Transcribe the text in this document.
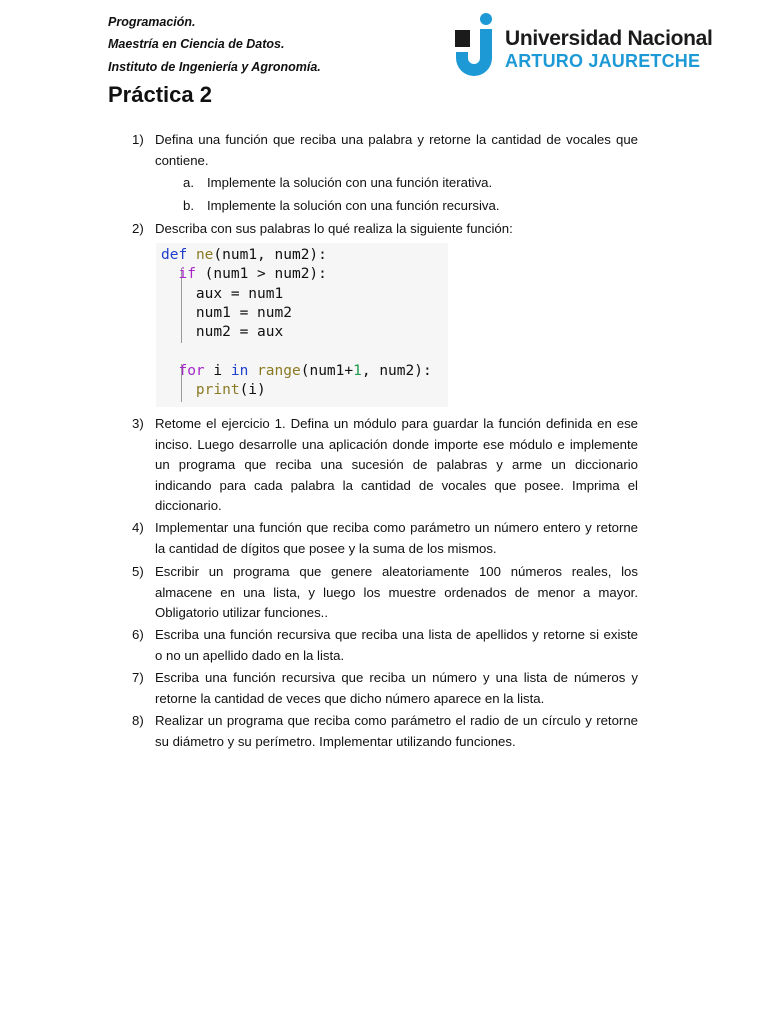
Programación.
Maestría en Ciencia de Datos.
Instituto de Ingeniería y Agronomía.
Universidad Nacional
ARTURO JAURETCHE
Práctica 2
1) Defina una función que reciba una palabra y retorne la cantidad de vocales que contiene.
a. Implemente la solución con una función iterativa.
b. Implemente la solución con una función recursiva.
2) Describa con sus palabras lo qué realiza la siguiente función:
def ne(num1, num2):
if (num1 > num2):
aux = num1
num1 = num2
num2 = aux
for i in range(num1+1, num2):
print(i)
3) Retome el ejercicio 1. Defina un módulo para guardar la función definida en ese inciso. Luego desarrolle una aplicación donde importe ese módulo e implemente un programa que reciba una sucesión de palabras y arme un diccionario indicando para cada palabra la cantidad de vocales que posee. Imprima el diccionario.
4) Implementar una función que reciba como parámetro un número entero y retorne la cantidad de dígitos que posee y la suma de los mismos.
5) Escribir un programa que genere aleatoriamente 100 números reales, los almacene en una lista, y luego los muestre ordenados de menor a mayor. Obligatorio utilizar funciones..
6) Escriba una función recursiva que reciba una lista de apellidos y retorne si existe o no un apellido dado en la lista.
7) Escriba una función recursiva que reciba un número y una lista de números y retorne la cantidad de veces que dicho número aparece en la lista.
8) Realizar un programa que reciba como parámetro el radio de un círculo y retorne su diámetro y su perímetro. Implementar utilizando funciones.
